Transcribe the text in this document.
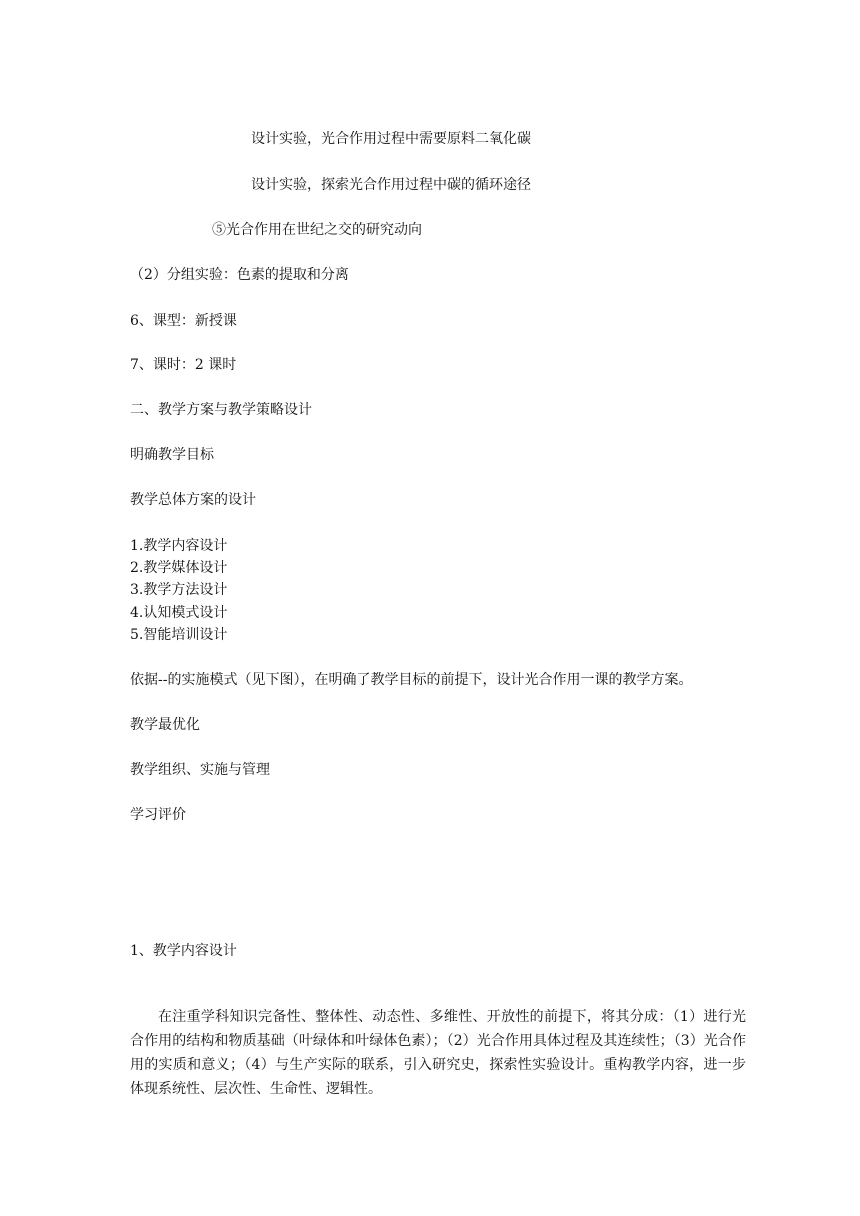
设计实验，光合作用过程中需要原料二氧化碳
设计实验，探索光合作用过程中碳的循环途径
⑤光合作用在世纪之交的研究动向
（2）分组实验：色素的提取和分离
6、课型：新授课
7、课时：2 课时
二、教学方案与教学策略设计
明确教学目标
教学总体方案的设计
1.教学内容设计
2.教学媒体设计
3.教学方法设计
4.认知模式设计
5.智能培训设计
依据--的实施模式（见下图），在明确了教学目标的前提下，设计光合作用一课的教学方案。
教学最优化
教学组织、实施与管理
学习评价
1、教学内容设计
在注重学科知识完备性、整体性、动态性、多维性、开放性的前提下，将其分成：（1）进行光合作用的结构和物质基础（叶绿体和叶绿体色素）；（2）光合作用具体过程及其连续性；（3）光合作用的实质和意义；（4）与生产实际的联系，引入研究史，探索性实验设计。重构教学内容，进一步体现系统性、层次性、生命性、逻辑性。
